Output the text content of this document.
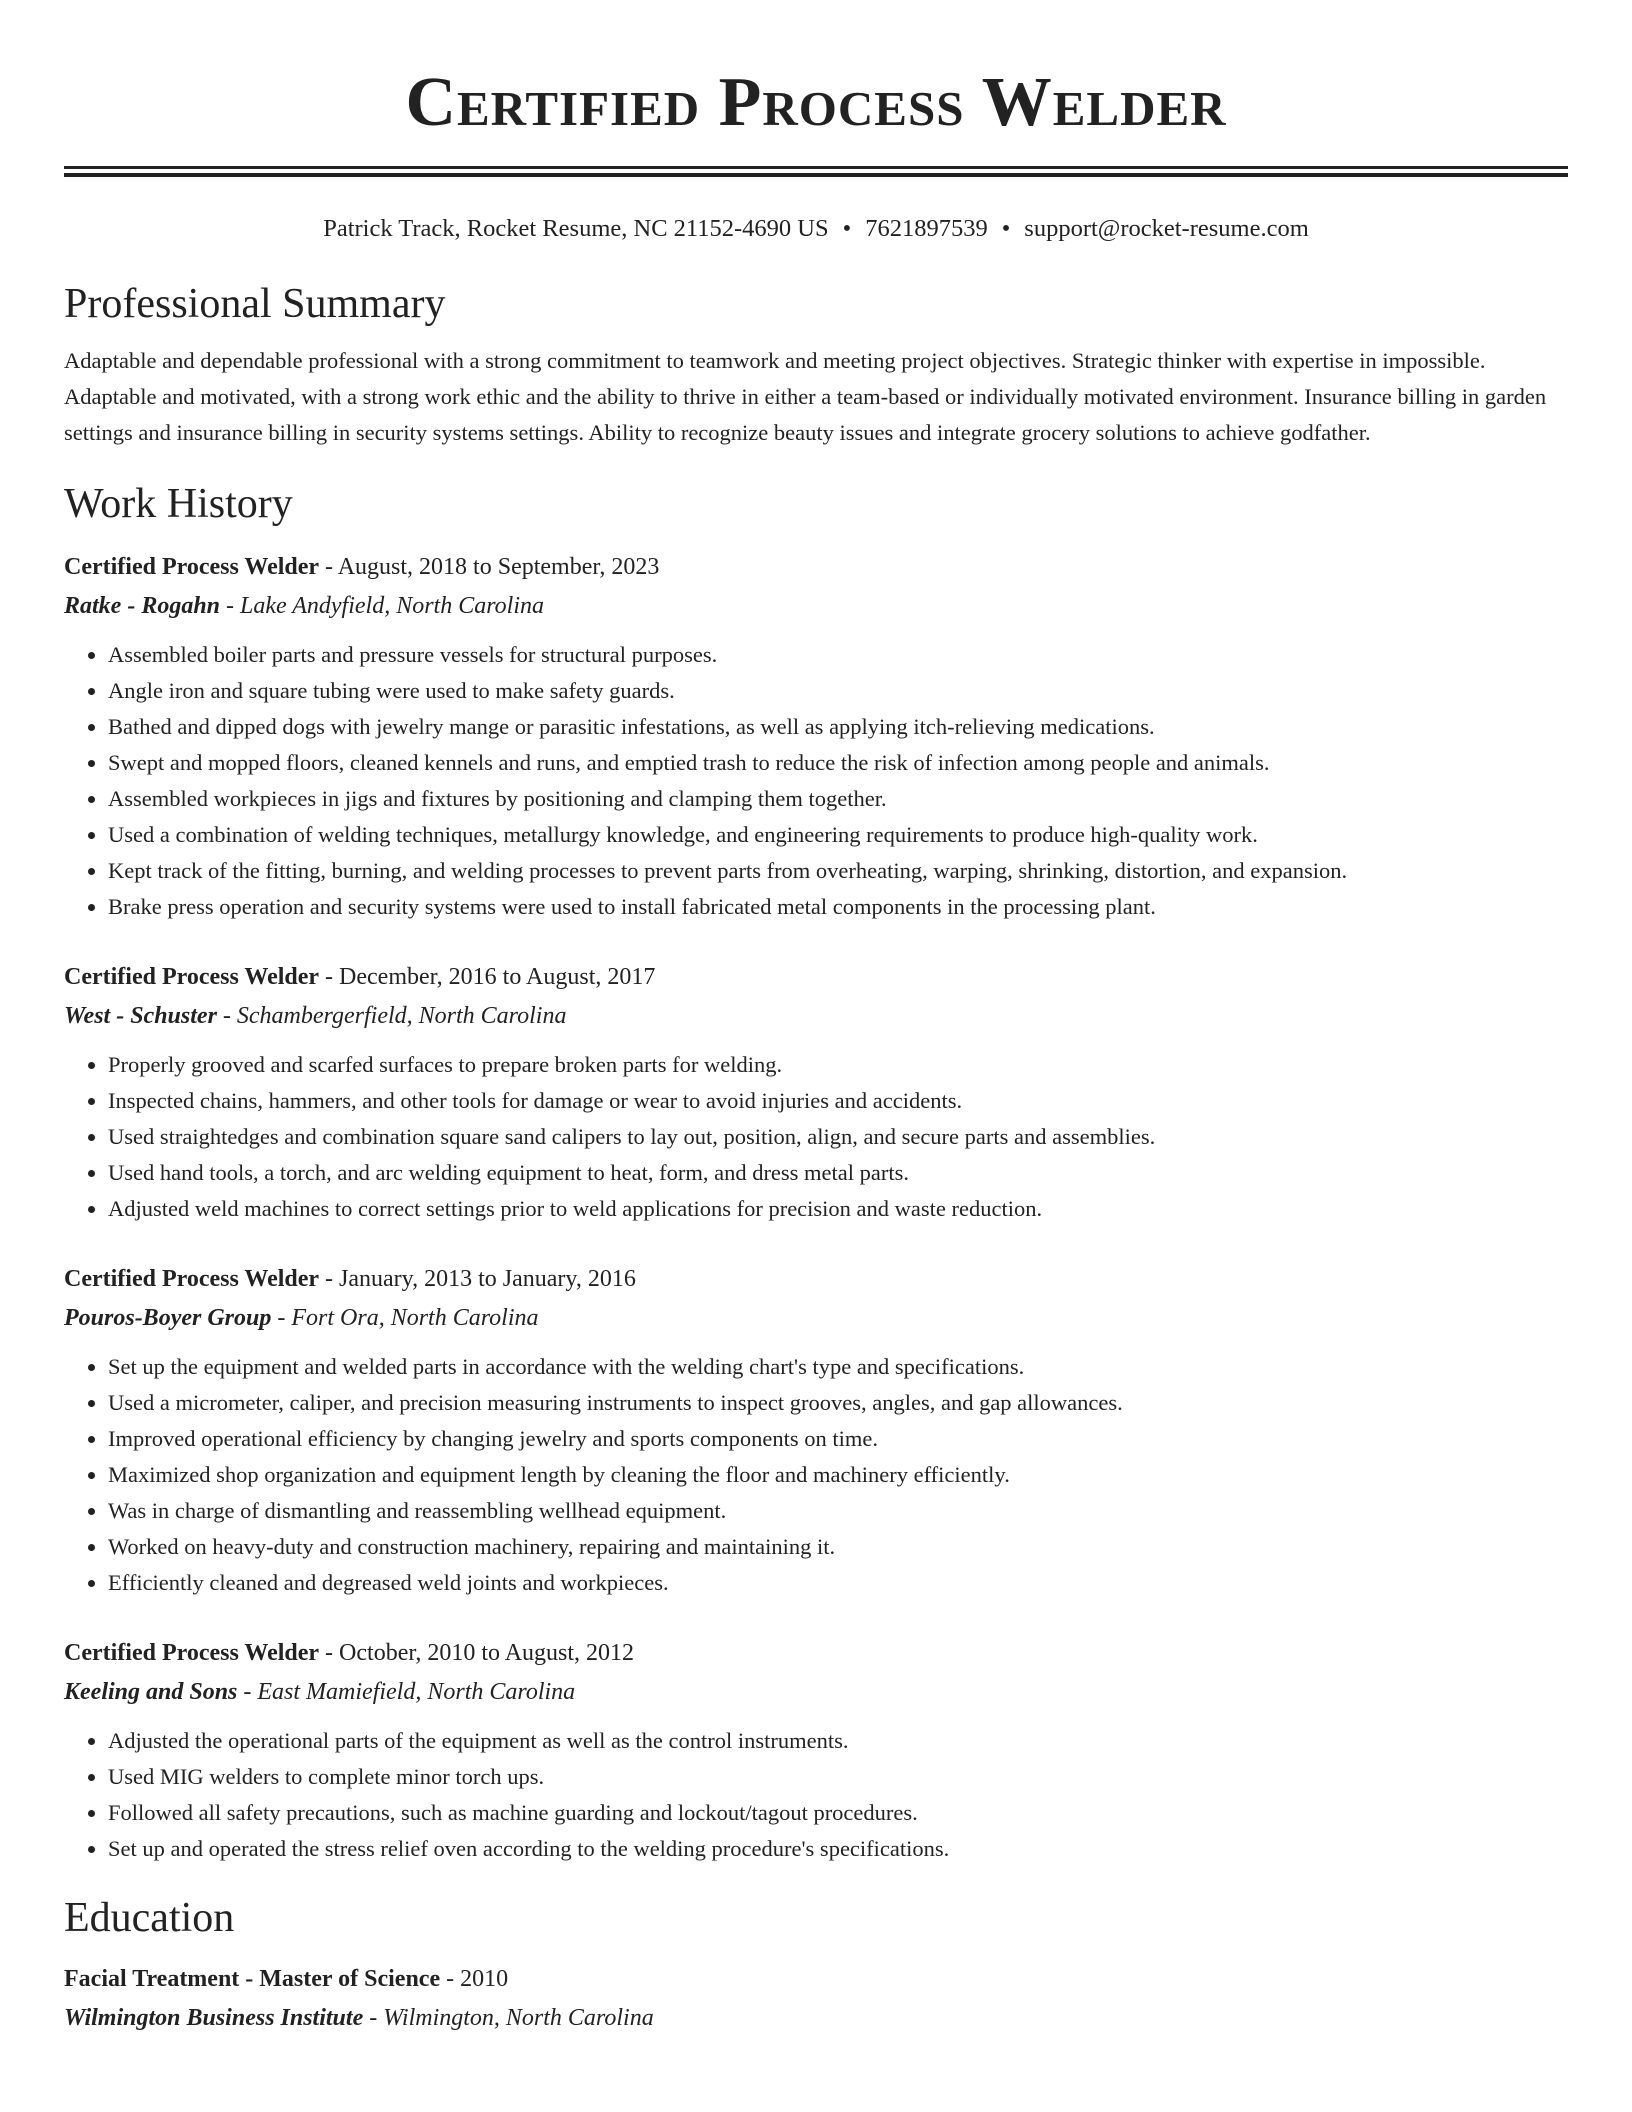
Certified Process Welder
Patrick Track, Rocket Resume, NC 21152-4690 US • 7621897539 • support@rocket-resume.com
Professional Summary
Adaptable and dependable professional with a strong commitment to teamwork and meeting project objectives. Strategic thinker with expertise in impossible. Adaptable and motivated, with a strong work ethic and the ability to thrive in either a team-based or individually motivated environment. Insurance billing in garden settings and insurance billing in security systems settings. Ability to recognize beauty issues and integrate grocery solutions to achieve godfather.
Work History
Certified Process Welder - August, 2018 to September, 2023
Ratke - Rogahn - Lake Andyfield, North Carolina
• Assembled boiler parts and pressure vessels for structural purposes.
• Angle iron and square tubing were used to make safety guards.
• Bathed and dipped dogs with jewelry mange or parasitic infestations, as well as applying itch-relieving medications.
• Swept and mopped floors, cleaned kennels and runs, and emptied trash to reduce the risk of infection among people and animals.
• Assembled workpieces in jigs and fixtures by positioning and clamping them together.
• Used a combination of welding techniques, metallurgy knowledge, and engineering requirements to produce high-quality work.
• Kept track of the fitting, burning, and welding processes to prevent parts from overheating, warping, shrinking, distortion, and expansion.
• Brake press operation and security systems were used to install fabricated metal components in the processing plant.
Certified Process Welder - December, 2016 to August, 2017
West - Schuster - Schambergerfield, North Carolina
• Properly grooved and scarfed surfaces to prepare broken parts for welding.
• Inspected chains, hammers, and other tools for damage or wear to avoid injuries and accidents.
• Used straightedges and combination square sand calipers to lay out, position, align, and secure parts and assemblies.
• Used hand tools, a torch, and arc welding equipment to heat, form, and dress metal parts.
• Adjusted weld machines to correct settings prior to weld applications for precision and waste reduction.
Certified Process Welder - January, 2013 to January, 2016
Pouros-Boyer Group - Fort Ora, North Carolina
• Set up the equipment and welded parts in accordance with the welding chart's type and specifications.
• Used a micrometer, caliper, and precision measuring instruments to inspect grooves, angles, and gap allowances.
• Improved operational efficiency by changing jewelry and sports components on time.
• Maximized shop organization and equipment length by cleaning the floor and machinery efficiently.
• Was in charge of dismantling and reassembling wellhead equipment.
• Worked on heavy-duty and construction machinery, repairing and maintaining it.
• Efficiently cleaned and degreased weld joints and workpieces.
Certified Process Welder - October, 2010 to August, 2012
Keeling and Sons - East Mamiefield, North Carolina
• Adjusted the operational parts of the equipment as well as the control instruments.
• Used MIG welders to complete minor torch ups.
• Followed all safety precautions, such as machine guarding and lockout/tagout procedures.
• Set up and operated the stress relief oven according to the welding procedure's specifications.
Education
Facial Treatment - Master of Science - 2010
Wilmington Business Institute - Wilmington, North Carolina
